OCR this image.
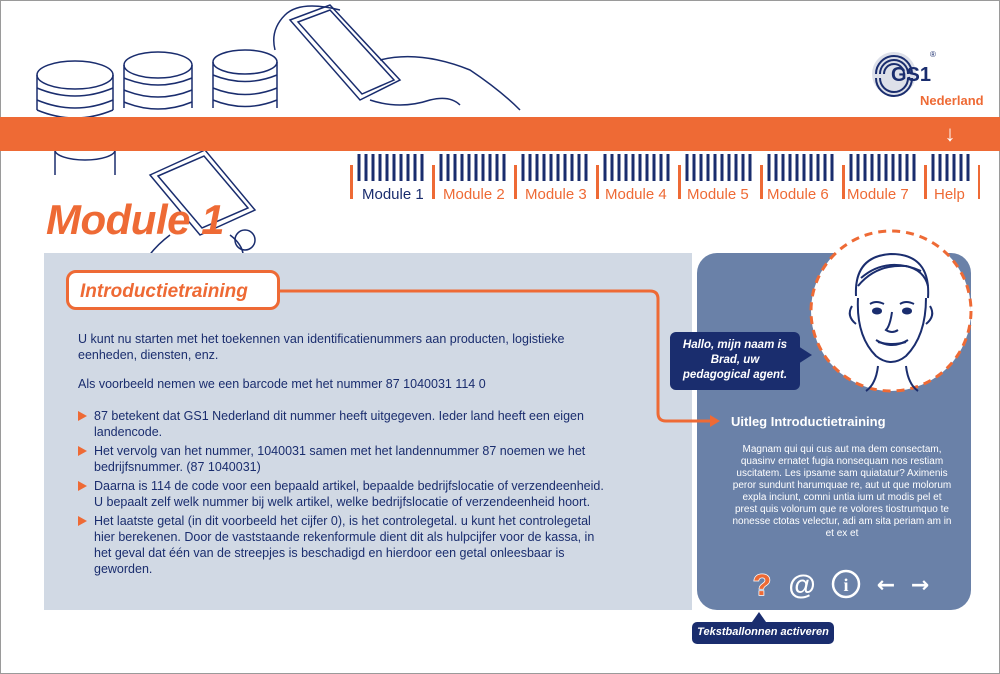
↓
GS1
®
Nederland
Module 1 Module 2 Module 3 Module 4 Module 5 Module 6 Module 7 Help
Module 1
Introductietraining

U kunt nu starten met het toekennen van identificatienummers aan producten, logistieke eenheden, diensten, enz.

Als voorbeeld nemen we een barcode met het nummer 87 1040031 114 0

87 betekent dat GS1 Nederland dit nummer heeft uitgegeven. Ieder land heeft een eigen landencode.
Het vervolg van het nummer, 1040031 samen met het landennummer 87 noemen we het bedrijfsnummer. (87 1040031)
Daarna is 114 de code voor een bepaald artikel, bepaalde bedrijfslocatie of verzendeenheid. U bepaalt zelf welk nummer bij welk artikel, welke bedrijfslocatie of verzendeenheid hoort.
Het laatste getal (in dit voorbeeld het cijfer 0), is het controlegetal. u kunt het controlegetal hier berekenen. Door de vaststaande rekenformule dient dit als hulpcijfer voor de kassa, in het geval dat één van de streepjes is beschadigd en hierdoor een getal onleesbaar is geworden.
Hallo, mijn naam is Brad, uw pedagogical agent.
Uitleg Introductietraining
Magnam qui qui cus aut ma dem consectam, quasinv ernatet fugia nonsequam nos restiam uscitatem. Les ipsame sam quiatatur? Aximenis peror sundunt harumquae re, aut ut que molorum expla inciunt, comni untia ium ut modis pel et prest quis volorum que re volores tiostrumquo te nonesse ctotas velectur, adi am sita periam am in et ex et
? @ i ← →
Tekstballonnen activeren
